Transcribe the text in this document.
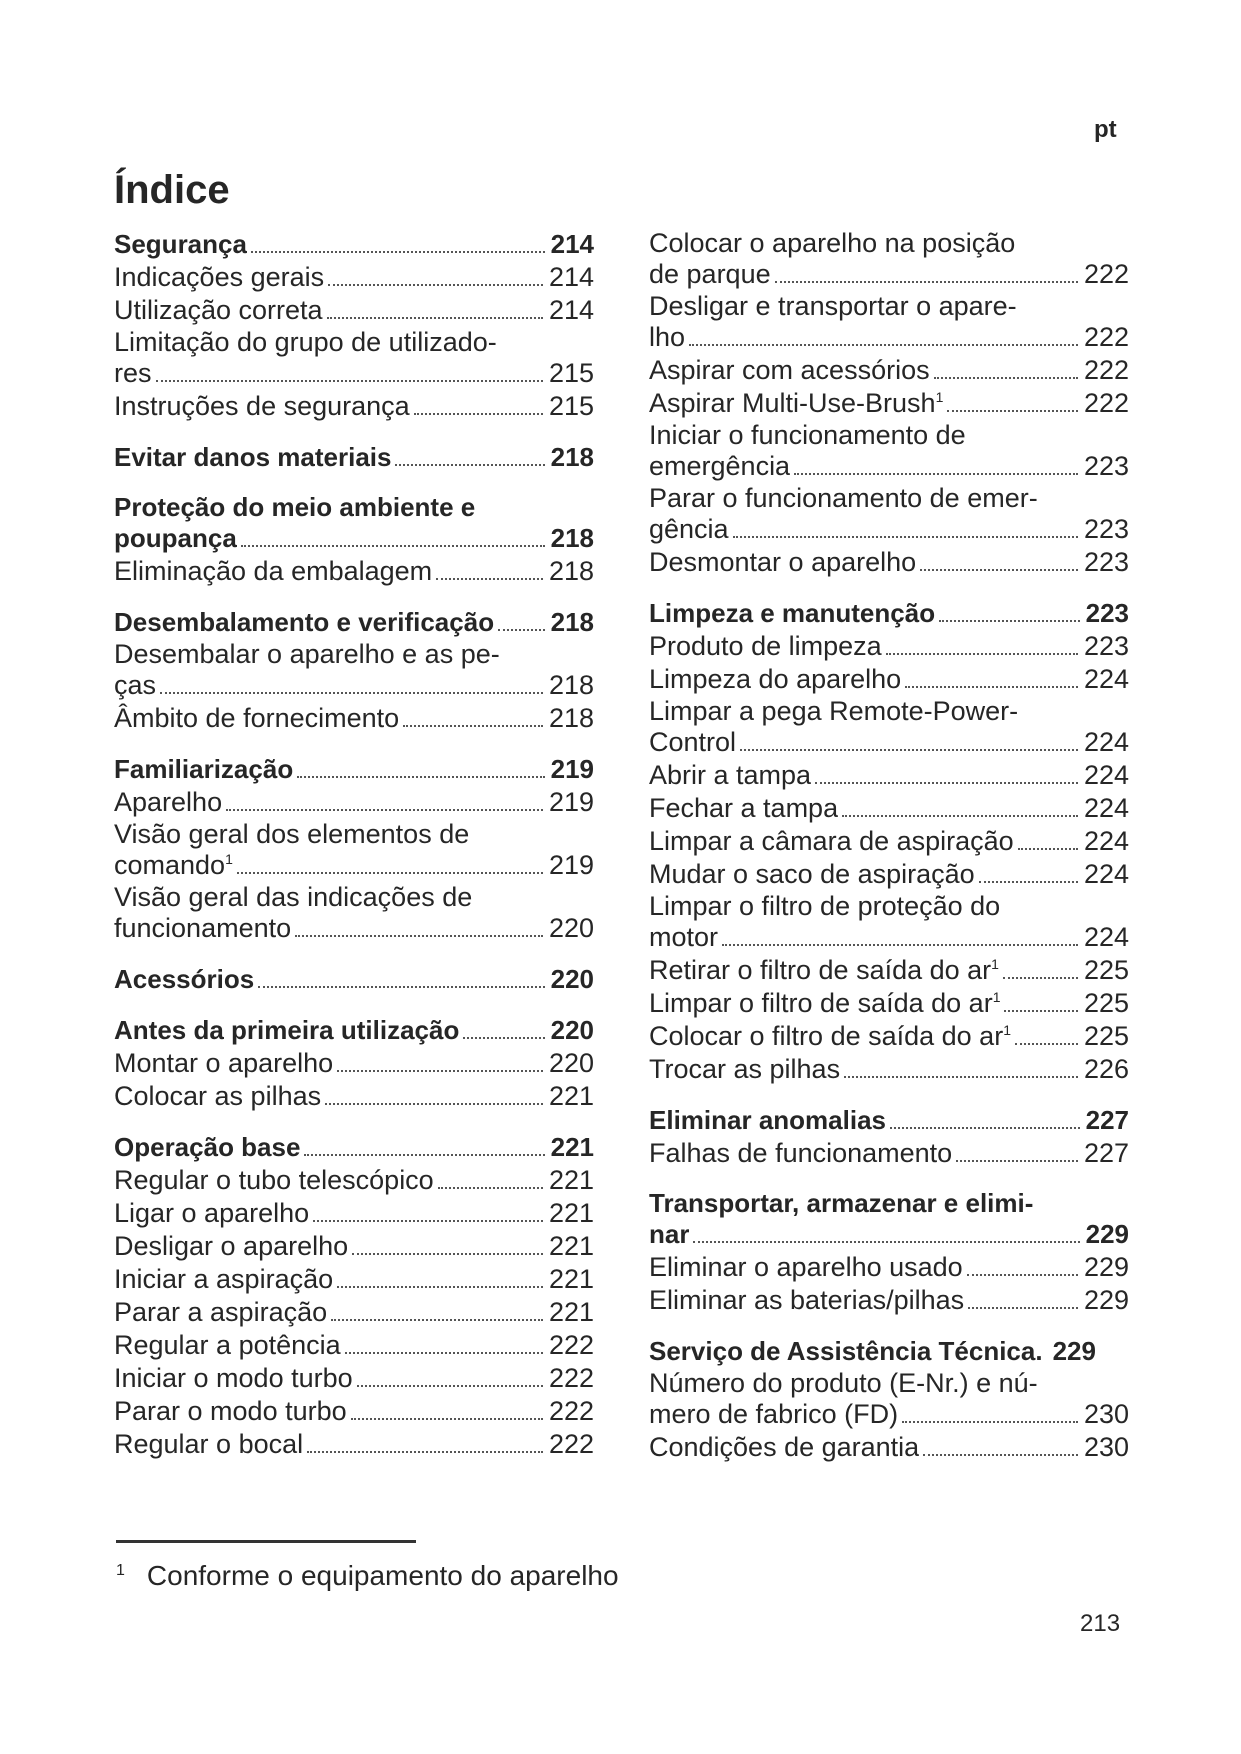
pt
Índice
Segurança	214
Indicações gerais	214
Utilização correta	214
Limitação do grupo de utilizado-
res	215
Instruções de segurança	215
Evitar danos materiais	218
Proteção do meio ambiente e
poupança	218
Eliminação da embalagem	218
Desembalamento e verificação 218
Desembalar o aparelho e as pe-
ças	218
Âmbito de fornecimento	218
Familiarização	219
Aparelho	219
Visão geral dos elementos de
comando$^1$	219
Visão geral das indicações de
funcionamento	220
Acessórios	220
Antes da primeira utilização	220
Montar o aparelho	220
Colocar as pilhas	221
Operação base	221
Regular o tubo telescópico	221
Ligar o aparelho	221
Desligar o aparelho	221
Iniciar a aspiração	221
Parar a aspiração	221
Regular a potência	222
Iniciar o modo turbo	222
Parar o modo turbo	222
Regular o bocal	222
Colocar o aparelho na posição
de parque	222
Desligar e transportar o apare-
lho	222
Aspirar com acessórios	222
Aspirar Multi-Use-Brush$^1$	222
Iniciar o funcionamento de
emergência	223
Parar o funcionamento de emer-
gência	223
Desmontar o aparelho	223
Limpeza e manutenção	223
Produto de limpeza	223
Limpeza do aparelho	224
Limpar a pega Remote-Power-
Control	224
Abrir a tampa	224
Fechar a tampa	224
Limpar a câmara de aspiração	224
Mudar o saco de aspiração	224
Limpar o filtro de proteção do
motor	224
Retirar o filtro de saída do $ar^1$	225
Limpar o filtro de saída do $ar^1$	225
Colocar o filtro de saída do $ar^1$	225
Trocar as pilhas	226
Eliminar anomalias	227
Falhas de funcionamento	227
Transportar, armazenar e elimi-
nar	229
Eliminar o aparelho usado	229
Eliminar as baterias/pilhas	229
Serviço de Assistência Técnica. 229
Número do produto (E-Nr.) e nú-
mero de fabrico (FD)	230
Condições de garantia	230
$^1$ Conforme o equipamento do aparelho
213
